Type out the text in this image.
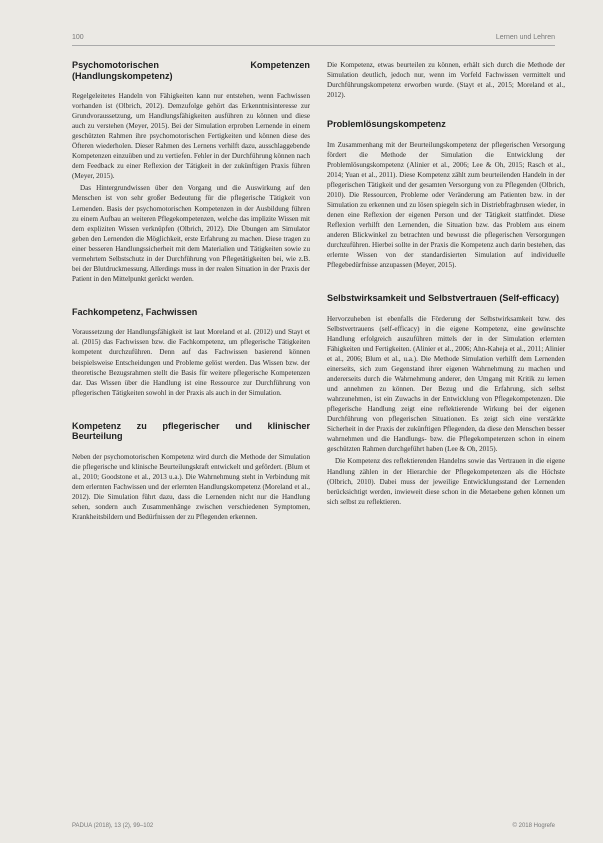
100	Lernen und Lehren
Psychomotorischen Kompetenzen (Handlungskompetenz)

Regelgeleitetes Handeln von Fähigkeiten kann nur entstehen, wenn Fachwissen vorhanden ist (Olbrich, 2012). Demzufolge gehört das Erkenntnisinteresse zur Grundvoraussetzung, um Handlungsfähigkeiten ausführen zu können und diese auch zu verstehen (Meyer, 2015). Bei der Simulation erproben Lernende in einem geschützten Rahmen ihre psychomotorischen Fertigkeiten und können diese des Öfteren wiederholen. Dieser Rahmen des Lernens verhilft dazu, ausschlaggebende Kompetenzen einzuüben und zu vertiefen. Fehler in der Durchführung können nach dem Feedback zu einer Reflexion der Tätigkeit in der zukünftigen Praxis führen (Meyer, 2015).

Das Hintergrundwissen über den Vorgang und die Auswirkung auf den Menschen ist von sehr großer Bedeutung für die pflegerische Tätigkeit von Lernenden. Basis der psychomotorischen Kompetenzen in der Ausbildung führen zu einem Aufbau an weiteren Pflegekompetenzen, welche das implizite Wissen mit dem expliziten Wissen verknüpfen (Olbrich, 2012). Die Übungen am Simulator geben den Lernenden die Möglichkeit, erste Erfahrung zu machen. Diese tragen zu einer besseren Handlungssicherheit mit dem Materialien und Tätigkeiten sowie zu vermehrtem Selbstschutz in der Durchführung von Pflegetätigkeiten bei, wie z.B. bei der Blutdruckmessung. Allerdings muss in der realen Situation in der Praxis der Patient in den Mittelpunkt gerückt werden.

Fachkompetenz, Fachwissen

Voraussetzung der Handlungsfähigkeit ist laut Moreland et al. (2012) und Stayt et al. (2015) das Fachwissen bzw. die Fachkompetenz, um pflegerische Tätigkeiten kompetent durchzuführen. Denn auf das Fachwissen basierend können beispielsweise Entscheidungen und Probleme gelöst werden. Das Wissen bzw. der theoretische Bezugsrahmen stellt die Basis für weitere pflegerische Kompetenzen dar. Das Wissen über die Handlung ist eine Ressource zur Durchführung von pflegerischen Tätigkeiten sowohl in der Praxis als auch in der Simulation.

Kompetenz zu pflegerischer und klinischer Beurteilung

Neben der psychomotorischen Kompetenz wird durch die Methode der Simulation die pflegerische und klinische Beurteilungskraft entwickelt und gefördert. (Blum et al., 2010; Goodstone et al., 2013 u.a.). Die Wahrnehmung steht in Verbindung mit dem erlernten Fachwissen und der erlernten Handlungskompetenz (Moreland et al., 2012). Die Simulation führt dazu, dass die Lernenden nicht nur die Handlung sehen, sondern auch Zusammenhänge zwischen verschiedenen Symptomen, Krankheitsbildern und Bedürfnissen der zu Pflegenden erkennen.

Die Kompetenz, etwas beurteilen zu können, erhält sich durch die Methode der Simulation deutlich, jedoch nur, wenn im Vorfeld Fachwissen vermittelt und Durchführungskompetenz erworben wurde. (Stayt et al., 2015; Moreland et al., 2012).

Problemlösungskompetenz

Im Zusammenhang mit der Beurteilungskompetenz der pflegerischen Versorgung fördert die Methode der Simulation die Entwicklung der Problemlösungskompetenz (Alinier et al., 2006; Lee & Oh, 2015; Rasch et al., 2014; Yuan et al., 2011). Diese Kompetenz zählt zum beurteilenden Handeln in der pflegerischen Tätigkeit und der gesamten Versorgung von zu Pflegenden (Olbrich, 2010). Die Ressourcen, Probleme oder Veränderung am Patienten bzw. in der Simulation zu erkennen und zu lösen spiegeln sich in Distriebfragbrusen wieder, in denen eine Reflexion der eigenen Person und der Tätigkeit stattfindet. Diese Reflexion verhilft den Lernenden, die Situation bzw. das Problem aus einem anderen Blickwinkel zu betrachten und bewusst die pflegerischen Versorgungen durchzuführen. Hierbei sollte in der Praxis die Kompetenz auch darin bestehen, das erlernte Wissen von der standardisierten Simulation auf individuelle Pflegebedürfnisse anzupassen (Meyer, 2015).

Selbstwirksamkeit und Selbstvertrauen (Self-efficacy)

Hervorzuheben ist ebenfalls die Förderung der Selbstwirksamkeit bzw. des Selbstvertrauens (self-efficacy) in die eigene Kompetenz, eine gewünschte Handlung erfolgreich auszuführen mittels der in der Simulation erlernten Fähigkeiten und Fertigkeiten. (Alinier et al., 2006; Ahn-Kaheja et al., 2011; Alinier et al., 2006; Blum et al., u.a.). Die Methode Simulation verhilft dem Lernenden einerseits, sich zum Gegenstand ihrer eigenen Wahrnehmung zu machen und andererseits durch die Wahrnehmung anderer, den Umgang mit Kritik zu lernen und annehmen zu können. Der Bezug und die Erfahrung, sich selbst wahrzunehmen, ist ein Zuwachs in der Entwicklung von Pflegekompetenzen. Die pflegerische Handlung zeigt eine reflektierende Wirkung bei der eigenen Durchführung von pflegerischen Situationen. Es zeigt sich eine verstärkte Sicherheit in der Praxis der zukünftigen Pflegenden, da diese den Menschen besser wahrnehmen und die Handlungs- bzw. die Pflegekompetenzen schon in einem geschützten Rahmen durchgeführt haben (Lee & Oh, 2015).

Die Kompetenz des reflektierenden Handelns sowie das Vertrauen in die eigene Handlung zählen in der Hierarchie der Pflegekompetenzen als die Höchste (Olbrich, 2010). Dabei muss der jeweilige Entwicklungsstand der Lernenden berücksichtigt werden, inwieweit diese schon in die Metaebene gehen können um sich selbst zu reflektieren.

PADUA (2018), 13 (2), 99–102	© 2018 Hogrefe
